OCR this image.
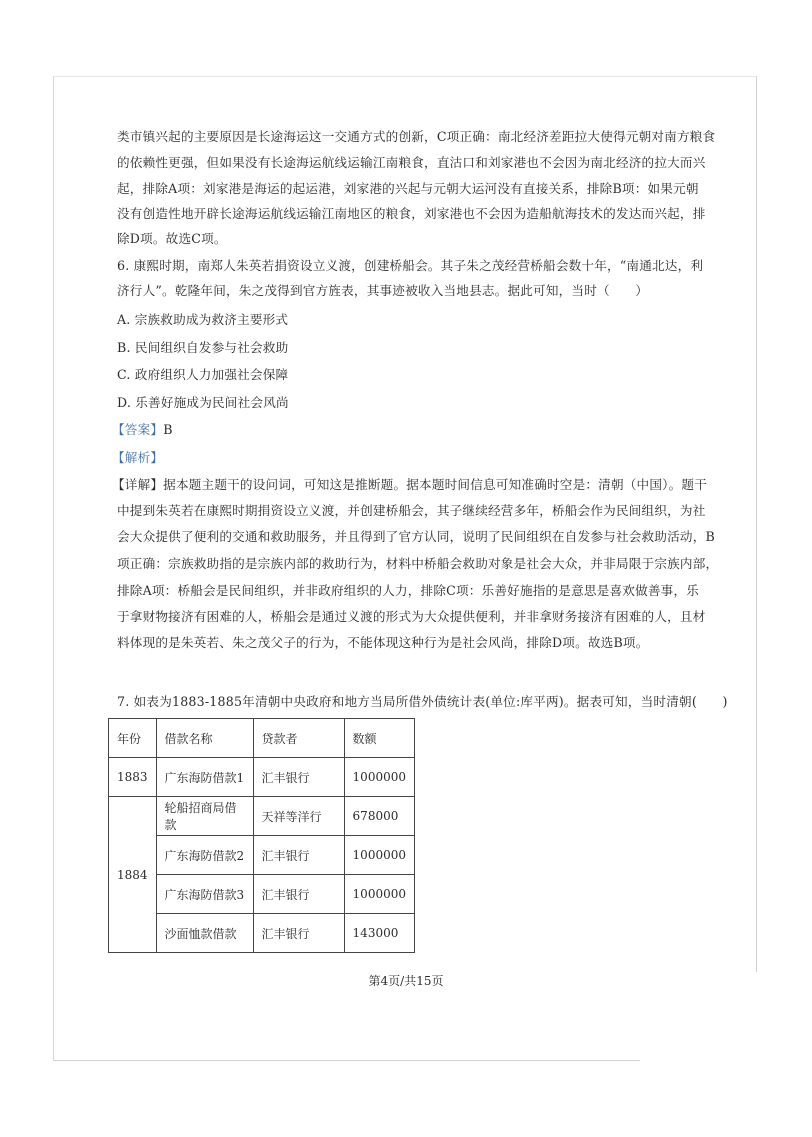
类市镇兴起的主要原因是长途海运这一交通方式的创新，C项正确：南北经济差距拉大使得元朝对南方粮食
的依赖性更强，但如果没有长途海运航线运输江南粮食，直沽口和刘家港也不会因为南北经济的拉大而兴
起，排除A项：刘家港是海运的起运港，刘家港的兴起与元朝大运河没有直接关系，排除B项：如果元朝
没有创造性地开辟长途海运航线运输江南地区的粮食，刘家港也不会因为造船航海技术的发达而兴起，排
除D项。故选C项。
6. 康熙时期，南郑人朱英若捐资设立义渡，创建桥船会。其子朱之茂经营桥船会数十年，“南通北达，利
济行人”。乾隆年间，朱之茂得到官方旌表，其事迹被收入当地县志。据此可知，当时（　　）
A. 宗族救助成为救济主要形式
B. 民间组织自发参与社会救助
C. 政府组织人力加强社会保障
D. 乐善好施成为民间社会风尚
【答案】B
【解析】
【详解】据本题主题干的设问词，可知这是推断题。据本题时间信息可知准确时空是：清朝（中国）。题干
中提到朱英若在康熙时期捐资设立义渡，并创建桥船会，其子继续经营多年，桥船会作为民间组织，为社
会大众提供了便利的交通和救助服务，并且得到了官方认同，说明了民间组织在自发参与社会救助活动，B
项正确：宗族救助指的是宗族内部的救助行为，材料中桥船会救助对象是社会大众，并非局限于宗族内部，
排除A项：桥船会是民间组织，并非政府组织的人力，排除C项：乐善好施指的是意思是喜欢做善事，乐
于拿财物接济有困难的人，桥船会是通过义渡的形式为大众提供便利，并非拿财务接济有困难的人，且材
料体现的是朱英若、朱之茂父子的行为，不能体现这种行为是社会风尚，排除D项。故选B项。
7. 如表为1883-1885年清朝中央政府和地方当局所借外债统计表(单位:库平两)。据表可知，当时清朝(　　)
年份	借款名称	贷款者	数额
1883	广东海防借款1	汇丰银行	1000000
1884	轮船招商局借款	天祥等洋行	678000
	广东海防借款2	汇丰银行	1000000
	广东海防借款3	汇丰银行	1000000
	沙面恤款借款	汇丰银行	143000
第4页/共15页
